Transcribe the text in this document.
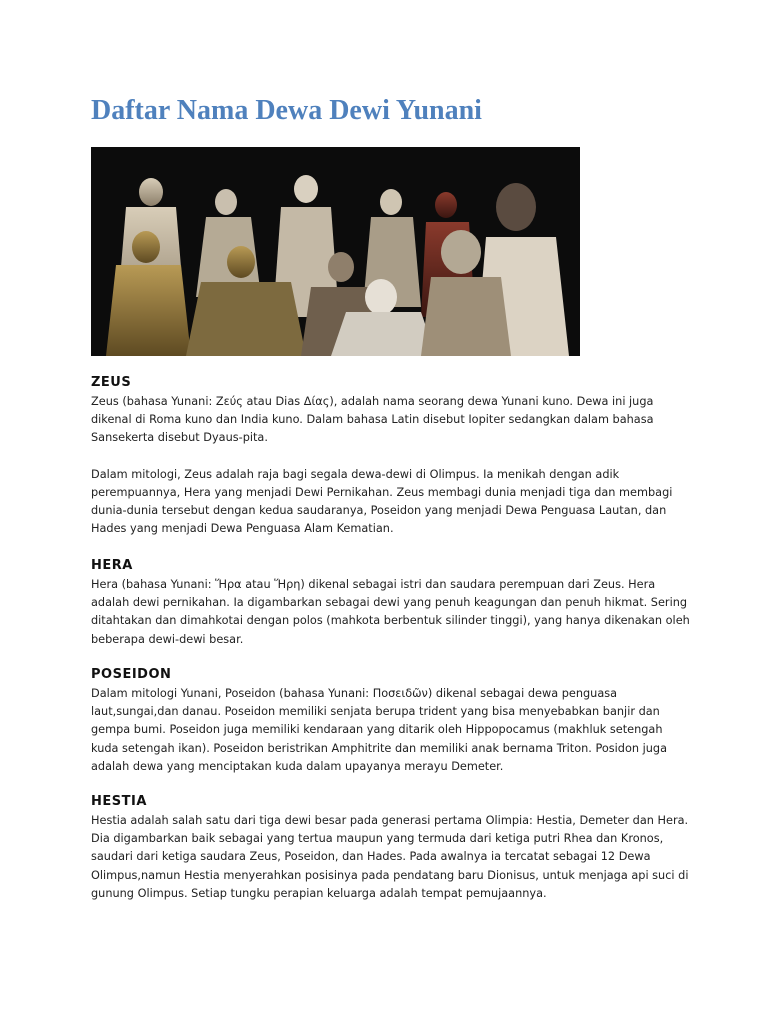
Daftar Nama Dewa Dewi Yunani
ZEUS

Zeus (bahasa Yunani: Ζεύς atau Dias Δίας), adalah nama seorang dewa Yunani kuno. Dewa ini juga dikenal di Roma kuno dan India kuno. Dalam bahasa Latin disebut Iopiter sedangkan dalam bahasa Sansekerta disebut Dyaus-pita.

Dalam mitologi, Zeus adalah raja bagi segala dewa-dewi di Olimpus. Ia menikah dengan adik perempuannya, Hera yang menjadi Dewi Pernikahan. Zeus membagi dunia menjadi tiga dan membagi dunia-dunia tersebut dengan kedua saudaranya, Poseidon yang menjadi Dewa Penguasa Lautan, dan Hades yang menjadi Dewa Penguasa Alam Kematian.

HERA

Hera (bahasa Yunani: Ἥρα atau Ἥρη) dikenal sebagai istri dan saudara perempuan dari Zeus. Hera adalah dewi pernikahan. Ia digambarkan sebagai dewi yang penuh keagungan dan penuh hikmat. Sering ditahtakan dan dimahkotai dengan polos (mahkota berbentuk silinder tinggi), yang hanya dikenakan oleh beberapa dewi-dewi besar.

POSEIDON

Dalam mitologi Yunani, Poseidon (bahasa Yunani: Ποσειδῶν) dikenal sebagai dewa penguasa laut,sungai,dan danau. Poseidon memiliki senjata berupa trident yang bisa menyebabkan banjir dan gempa bumi. Poseidon juga memiliki kendaraan yang ditarik oleh Hippopocamus (makhluk setengah kuda setengah ikan). Poseidon beristrikan Amphitrite dan memiliki anak bernama Triton. Posidon juga adalah dewa yang menciptakan kuda dalam upayanya merayu Demeter.

HESTIA

Hestia adalah salah satu dari tiga dewi besar pada generasi pertama Olimpia: Hestia, Demeter dan Hera. Dia digambarkan baik sebagai yang tertua maupun yang termuda dari ketiga putri Rhea dan Kronos, saudari dari ketiga saudara Zeus, Poseidon, dan Hades. Pada awalnya ia tercatat sebagai 12 Dewa Olimpus,namun Hestia menyerahkan posisinya pada pendatang baru Dionisus, untuk menjaga api suci di gunung Olimpus. Setiap tungku perapian keluarga adalah tempat pemujaannya.
